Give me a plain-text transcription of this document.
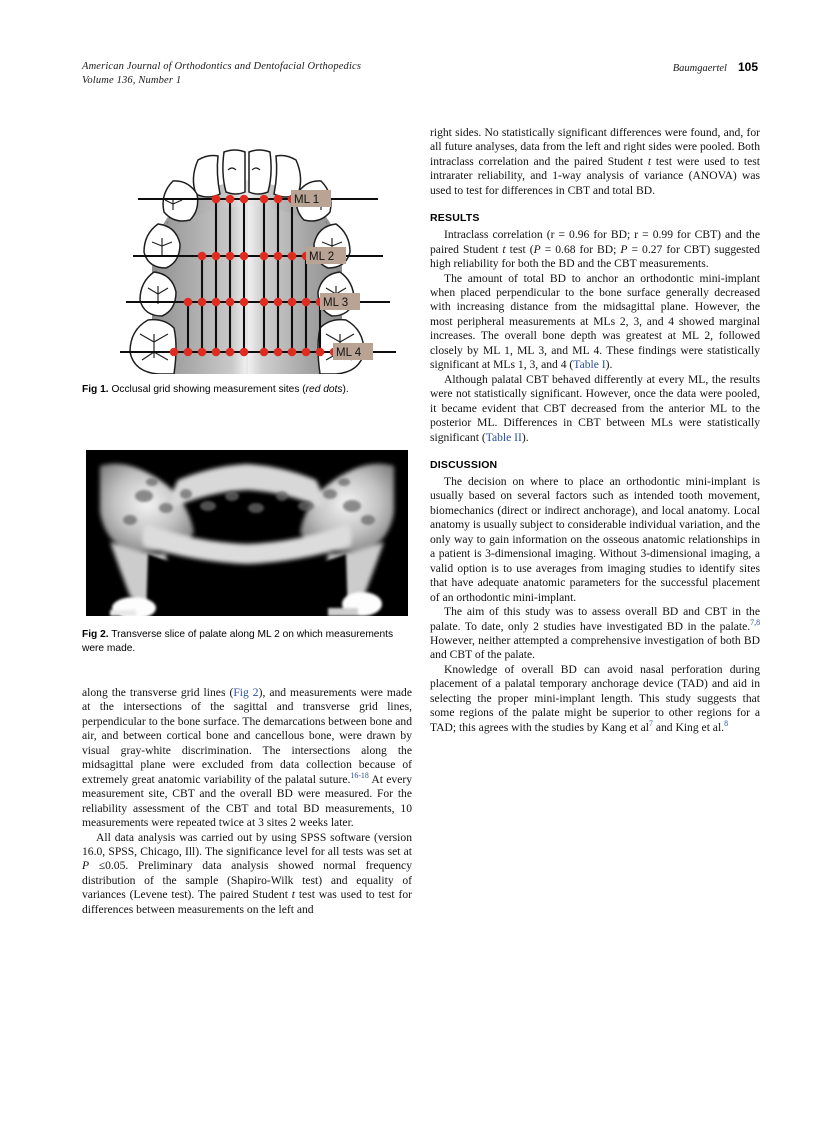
American Journal of Orthodontics and Dentofacial Orthopedics
Volume 136, Number 1
Baumgaertel 105
ML 1
ML 2
ML 3
ML 4
Fig 1. Occlusal grid showing measurement sites (red dots).
Fig 2. Transverse slice of palate along ML 2 on which measurements were made.

along the transverse grid lines (Fig 2), and measurements were made at the intersections of the sagittal and transverse grid lines, perpendicular to the bone surface. The demarcations between bone and air, and between cortical bone and cancellous bone, were drawn by visual gray-white discrimination. The intersections along the midsagittal plane were excluded from data collection because of extremely great anatomic variability of the palatal suture.$^{16-18}$ At every measurement site, CBT and the overall BD were measured. For the reliability assessment of the CBT and total BD measurements, 10 measurements were repeated twice at 3 sites 2 weeks later.

All data analysis was carried out by using SPSS software (version 16.0, SPSS, Chicago, Ill). The significance level for all tests was set at P ≤0.05. Preliminary data analysis showed normal frequency distribution of the sample (Shapiro-Wilk test) and equality of variances (Levene test). The paired Student t test was used to test for differences between measurements on the left and

right sides. No statistically significant differences were found, and, for all future analyses, data from the left and right sides were pooled. Both intraclass correlation and the paired Student t test were used to test intrarater reliability, and 1-way analysis of variance (ANOVA) was used to test for differences in CBT and total BD.

RESULTS

Intraclass correlation (r = 0.96 for BD; r = 0.99 for CBT) and the paired Student t test (P = 0.68 for BD; P = 0.27 for CBT) suggested high reliability for both the BD and the CBT measurements.

The amount of total BD to anchor an orthodontic mini-implant when placed perpendicular to the bone surface generally decreased with increasing distance from the midsagittal plane. However, the most peripheral measurements at MLs 2, 3, and 4 showed marginal increases. The overall bone depth was greatest at ML 2, followed closely by ML 1, ML 3, and ML 4. These findings were statistically significant at MLs 1, 3, and 4 (Table I).

Although palatal CBT behaved differently at every ML, the results were not statistically significant. However, once the data were pooled, it became evident that CBT decreased from the anterior ML to the posterior ML. Differences in CBT between MLs were statistically significant (Table II).

DISCUSSION

The decision on where to place an orthodontic mini-implant is usually based on several factors such as intended tooth movement, biomechanics (direct or indirect anchorage), and local anatomy. Local anatomy is usually subject to considerable individual variation, and the only way to gain information on the osseous anatomic relationships in a patient is 3-dimensional imaging. Without 3-dimensional imaging, a valid option is to use averages from imaging studies to identify sites that have adequate anatomic parameters for the successful placement of an orthodontic mini-implant.

The aim of this study was to assess overall BD and CBT in the palate. To date, only 2 studies have investigated BD in the palate.$^{7,8}$ However, neither attempted a comprehensive investigation of both BD and CBT of the palate.

Knowledge of overall BD can avoid nasal perforation during placement of a palatal temporary anchorage device (TAD) and aid in selecting the proper mini-implant length. This study suggests that some regions of the palate might be superior to other regions for a TAD; this agrees with the studies by Kang et $al^7$ and King et al.$^8$
